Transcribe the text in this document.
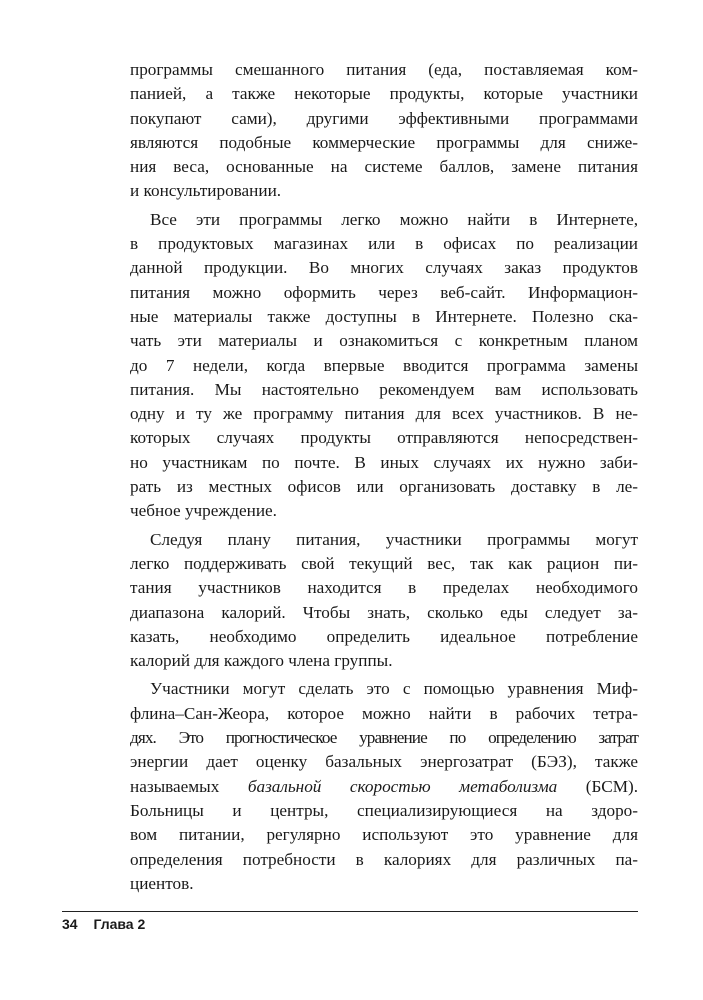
программы смешанного питания (еда, поставляемая ком-
панией, а также некоторые продукты, которые участники
покупают сами), другими эффективными программами
являются подобные коммерческие программы для сниже-
ния веса, основанные на системе баллов, замене питания
и консультировании.
Все эти программы легко можно найти в Интернете,
в продуктовых магазинах или в офисах по реализации
данной продукции. Во многих случаях заказ продуктов
питания можно оформить через веб-сайт. Информацион-
ные материалы также доступны в Интернете. Полезно ска-
чать эти материалы и ознакомиться с конкретным планом
до 7 недели, когда впервые вводится программа замены
питания. Мы настоятельно рекомендуем вам использовать
одну и ту же программу питания для всех участников. В не-
которых случаях продукты отправляются непосредствен-
но участникам по почте. В иных случаях их нужно заби-
рать из местных офисов или организовать доставку в ле-
чебное учреждение.
Следуя плану питания, участники программы могут
легко поддерживать свой текущий вес, так как рацион пи-
тания участников находится в пределах необходимого
диапазона калорий. Чтобы знать, сколько еды следует за-
казать, необходимо определить идеальное потребление
калорий для каждого члена группы.
Участники могут сделать это с помощью уравнения Миф-
флина–Сан-Жеора, которое можно найти в рабочих тетра-
дях. Это прогностическое уравнение по определению затрат
энергии дает оценку базальных энергозатрат (БЭЗ), также
называемых базальной скоростью метаболизма (БСМ).
Больницы и центры, специализирующиеся на здоро-
вом питании, регулярно используют это уравнение для
определения потребности в калориях для различных па-
циентов.
34 Глава 2
